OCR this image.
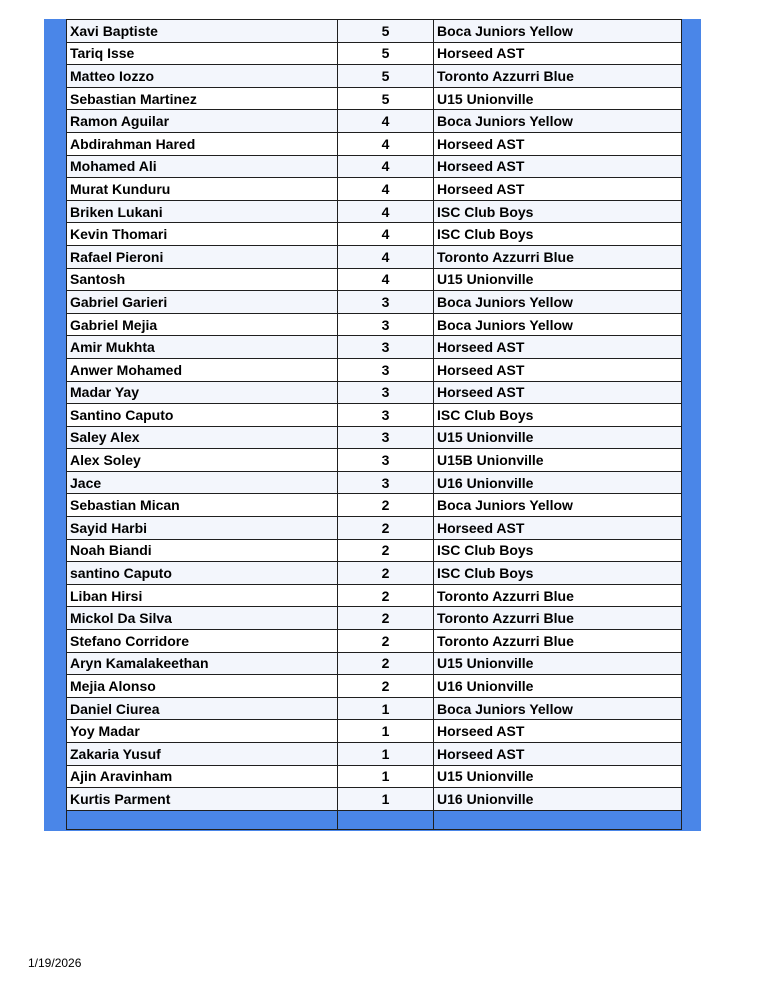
Xavi Baptiste	5	Boca Juniors Yellow
Tariq Isse	5	Horseed AST
Matteo Iozzo	5	Toronto Azzurri Blue
Sebastian Martinez	5	U15 Unionville
Ramon Aguilar	4	Boca Juniors Yellow
Abdirahman Hared	4	Horseed AST
Mohamed Ali	4	Horseed AST
Murat Kunduru	4	Horseed AST
Briken Lukani	4	ISC Club Boys
Kevin Thomari	4	ISC Club Boys
Rafael Pieroni	4	Toronto Azzurri Blue
Santosh	4	U15 Unionville
Gabriel Garieri	3	Boca Juniors Yellow
Gabriel Mejia	3	Boca Juniors Yellow
Amir Mukhta	3	Horseed AST
Anwer Mohamed	3	Horseed AST
Madar Yay	3	Horseed AST
Santino Caputo	3	ISC Club Boys
Saley Alex	3	U15 Unionville
Alex Soley	3	U15B Unionville
Jace	3	U16 Unionville
Sebastian Mican	2	Boca Juniors Yellow
Sayid Harbi	2	Horseed AST
Noah Biandi	2	ISC Club Boys
santino Caputo	2	ISC Club Boys
Liban Hirsi	2	Toronto Azzurri Blue
Mickol Da Silva	2	Toronto Azzurri Blue
Stefano Corridore	2	Toronto Azzurri Blue
Aryn Kamalakeethan	2	U15 Unionville
Mejia Alonso	2	U16 Unionville
Daniel Ciurea	1	Boca Juniors Yellow
Yoy Madar	1	Horseed AST
Zakaria Yusuf	1	Horseed AST
Ajin Aravinham	1	U15 Unionville
Kurtis Parment	1	U16 Unionville

1/19/2026
